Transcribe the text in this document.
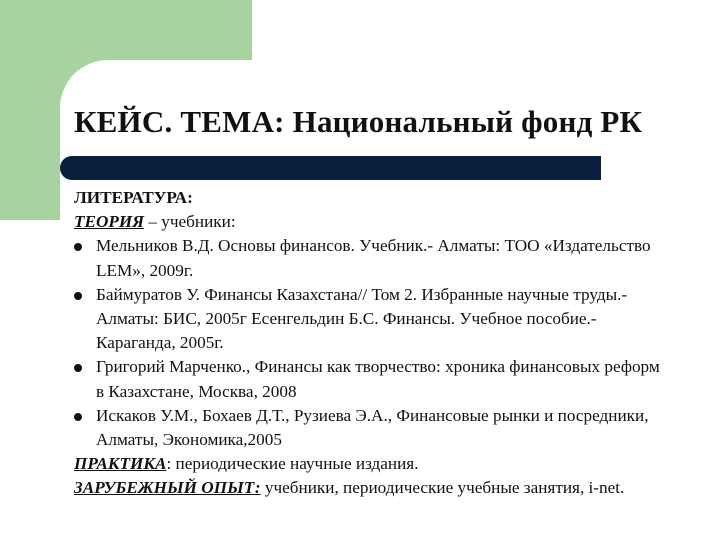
КЕЙС. ТЕМА: Национальный фонд РК

ЛИТЕРАТУРА:

ТЕОРИЯ – учебники:

Мельников В.Д. Основы финансов. Учебник.- Алматы: ТОО «Издательство LEM», 2009г.
Баймуратов У. Финансы Казахстана// Том 2. Избранные научные труды.- Алматы: БИС, 2005г Есенгельдин Б.С. Финансы. Учебное пособие.- Караганда, 2005г.
Григорий Марченко., Финансы как творчество: хроника финансовых реформ в Казахстане, Москва, 2008
Искаков У.М., Бохаев Д.Т., Рузиева Э.А., Финансовые рынки и посредники, Алматы, Экономика,2005

ПРАКТИКА: периодические научные издания.

ЗАРУБЕЖНЫЙ ОПЫТ: учебники, периодические учебные занятия, i-net.
